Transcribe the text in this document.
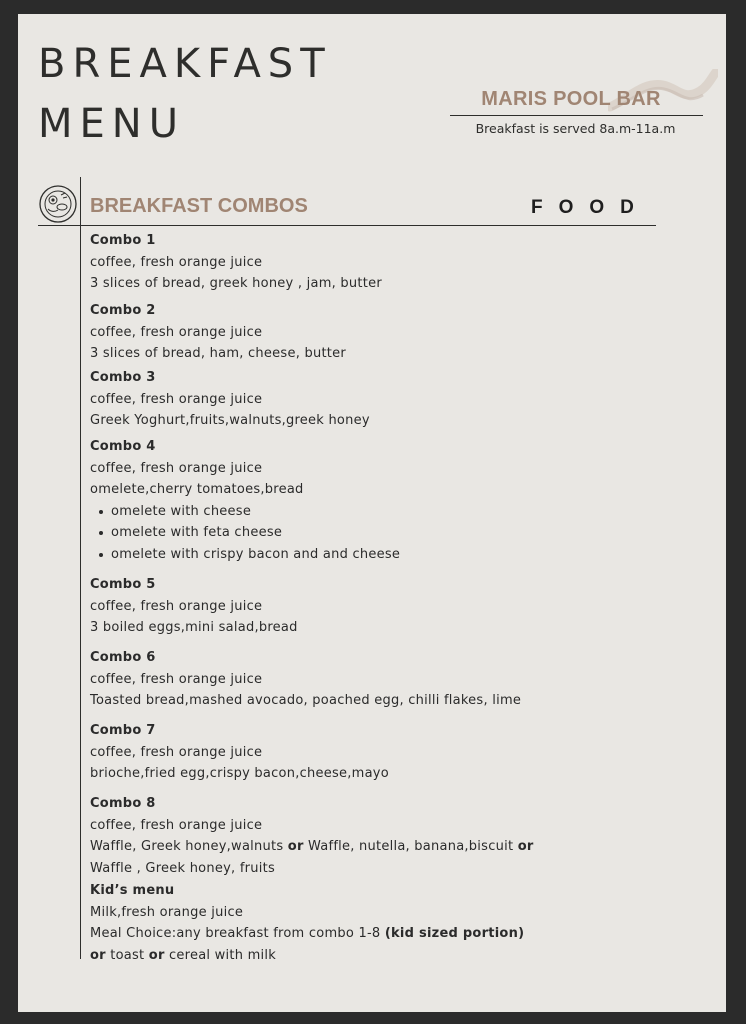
BREAKFAST
MENU
MARIS POOL BAR
Breakfast is served 8a.m-11a.m
BREAKFAST COMBOS	FOOD
Combo 1
coffee, fresh orange juice
3 slices of bread, greek honey , jam, butter
Combo 2
coffee, fresh orange juice
3 slices of bread, ham, cheese, butter
Combo 3
coffee, fresh orange juice
Greek Yoghurt,fruits,walnuts,greek honey
Combo 4
coffee, fresh orange juice
omelete,cherry tomatoes,bread
omelete with cheese
omelete with feta cheese
omelete with crispy bacon and and cheese
Combo 5
coffee, fresh orange juice
3 boiled eggs,mini salad,bread
Combo 6
coffee, fresh orange juice
Toasted bread,mashed avocado, poached egg, chilli flakes, lime
Combo 7
coffee, fresh orange juice
brioche,fried egg,crispy bacon,cheese,mayo
Combo 8
coffee, fresh orange juice
Waffle, Greek honey,walnuts or Waffle, nutella, banana,biscuit or
Waffle , Greek honey, fruits
Kid’s menu
Milk,fresh orange juice
Meal Choice:any breakfast from combo 1-8 (kid sized portion)
or toast or cereal with milk
